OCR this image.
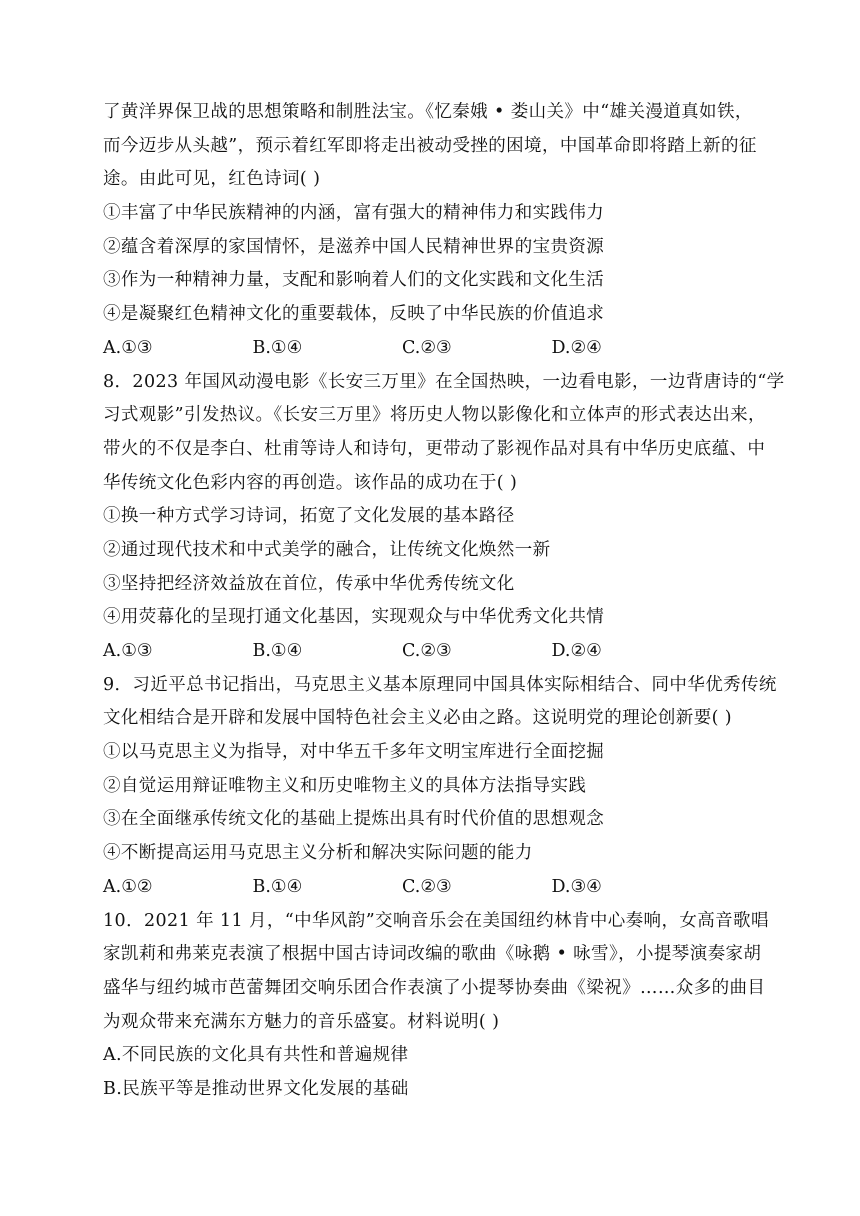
了黄洋界保卫战的思想策略和制胜法宝。《忆秦娥 • 娄山关》中“雄关漫道真如铁，
而今迈步从头越”，预示着红军即将走出被动受挫的困境，中国革命即将踏上新的征
途。由此可见，红色诗词( )
①丰富了中华民族精神的内涵，富有强大的精神伟力和实践伟力
②蕴含着深厚的家国情怀，是滋养中国人民精神世界的宝贵资源
③作为一种精神力量，支配和影响着人们的文化实践和文化生活
④是凝聚红色精神文化的重要载体，反映了中华民族的价值追求
A.①③	B.①④	C.②③	D.②④
8．2023 年国风动漫电影《长安三万里》在全国热映，一边看电影，一边背唐诗的“学
习式观影”引发热议。《长安三万里》将历史人物以影像化和立体声的形式表达出来，
带火的不仅是李白、杜甫等诗人和诗句，更带动了影视作品对具有中华历史底蕴、中
华传统文化色彩内容的再创造。该作品的成功在于( )
①换一种方式学习诗词，拓宽了文化发展的基本路径
②通过现代技术和中式美学的融合，让传统文化焕然一新
③坚持把经济效益放在首位，传承中华优秀传统文化
④用荧幕化的呈现打通文化基因，实现观众与中华优秀文化共情
A.①③	B.①④	C.②③	D.②④
9．习近平总书记指出，马克思主义基本原理同中国具体实际相结合、同中华优秀传统
文化相结合是开辟和发展中国特色社会主义必由之路。这说明党的理论创新要( )
①以马克思主义为指导，对中华五千多年文明宝库进行全面挖掘
②自觉运用辩证唯物主义和历史唯物主义的具体方法指导实践
③在全面继承传统文化的基础上提炼出具有时代价值的思想观念
④不断提高运用马克思主义分析和解决实际问题的能力
A.①②	B.①④	C.②③	D.③④
10．2021 年 11 月，“中华风韵”交响音乐会在美国纽约林肯中心奏响，女高音歌唱
家凯莉和弗莱克表演了根据中国古诗词改编的歌曲《咏鹅 • 咏雪》，小提琴演奏家胡
盛华与纽约城市芭蕾舞团交响乐团合作表演了小提琴协奏曲《梁祝》……众多的曲目
为观众带来充满东方魅力的音乐盛宴。材料说明( )
A.不同民族的文化具有共性和普遍规律
B.民族平等是推动世界文化发展的基础
